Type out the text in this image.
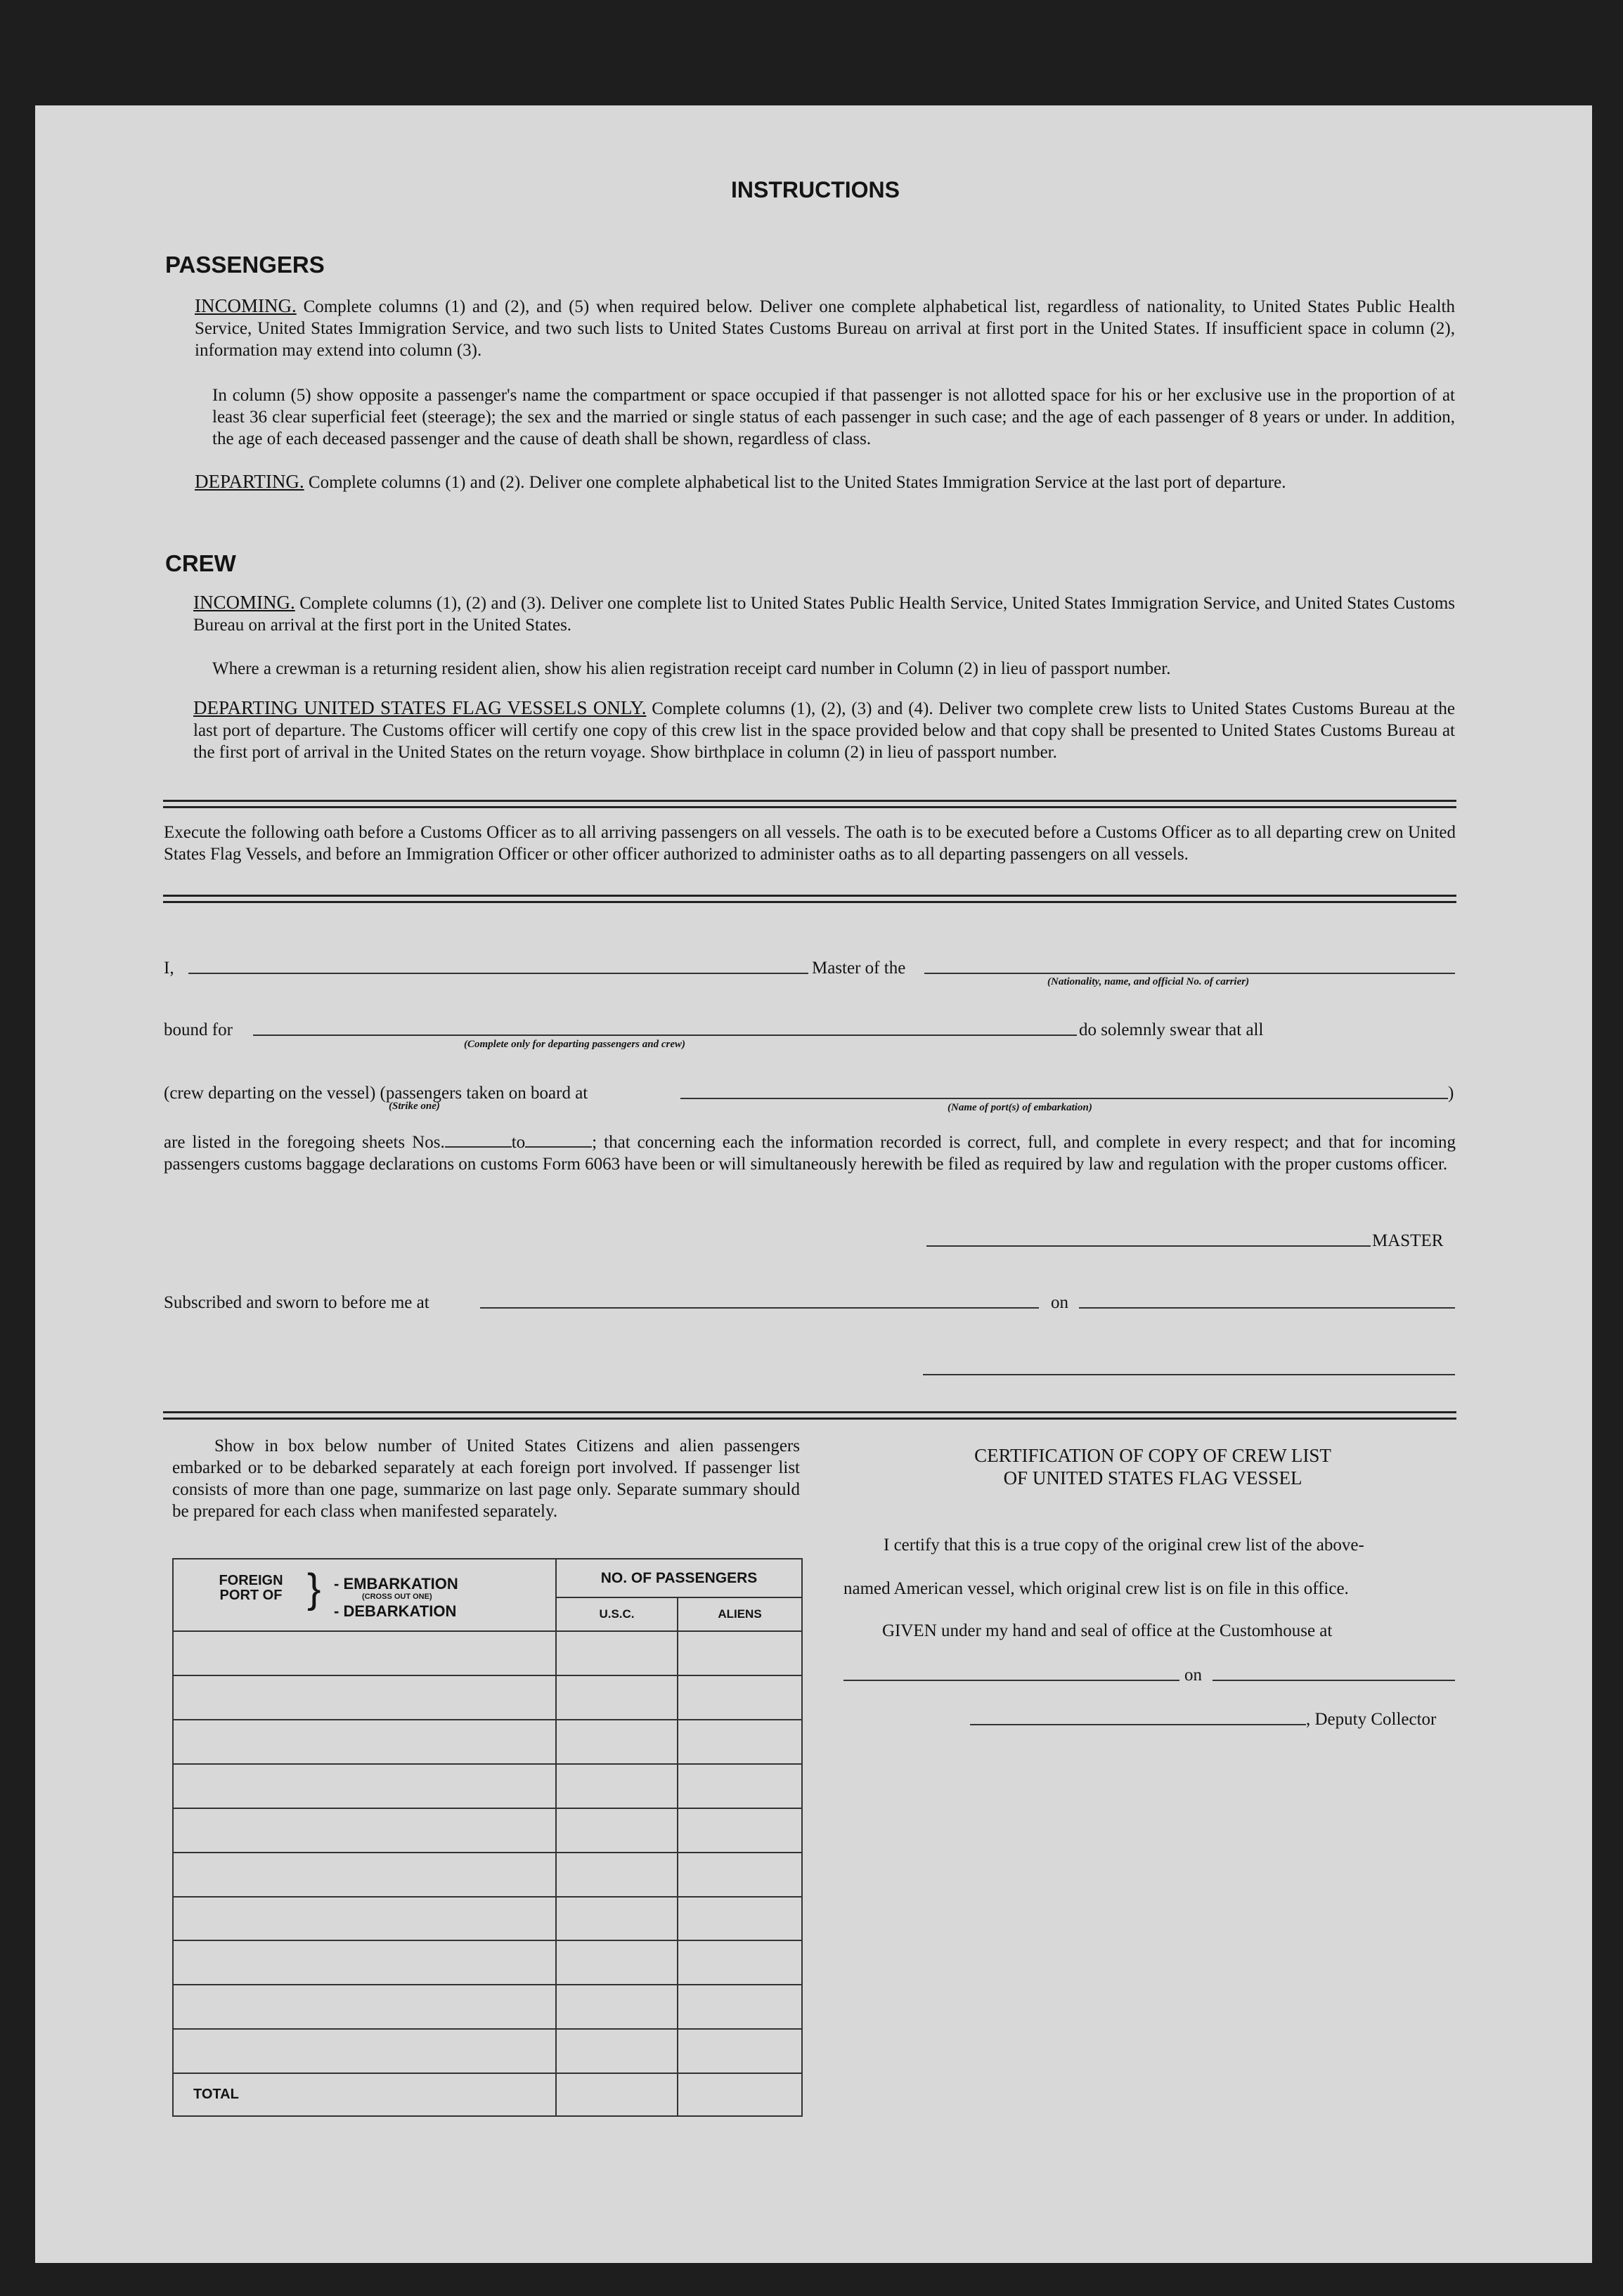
INSTRUCTIONS
PASSENGERS
INCOMING. Complete columns (1) and (2), and (5) when required below. Deliver one complete alphabetical list, regardless of nationality, to United States Public Health Service, United States Immigration Service, and two such lists to United States Customs Bureau on arrival at first port in the United States. If insufficient space in column (2), information may extend into column (3).
In column (5) show opposite a passenger's name the compartment or space occupied if that passenger is not allotted space for his or her exclusive use in the proportion of at least 36 clear superficial feet (steerage); the sex and the married or single status of each passenger in such case; and the age of each passenger of 8 years or under. In addition, the age of each deceased passenger and the cause of death shall be shown, regardless of class.
DEPARTING. Complete columns (1) and (2). Deliver one complete alphabetical list to the United States Immigration Service at the last port of departure.
CREW
INCOMING. Complete columns (1), (2) and (3). Deliver one complete list to United States Public Health Service, United States Immigration Service, and United States Customs Bureau on arrival at the first port in the United States.
Where a crewman is a returning resident alien, show his alien registration receipt card number in Column (2) in lieu of passport number.
DEPARTING UNITED STATES FLAG VESSELS ONLY. Complete columns (1), (2), (3) and (4). Deliver two complete crew lists to United States Customs Bureau at the last port of departure. The Customs officer will certify one copy of this crew list in the space provided below and that copy shall be presented to United States Customs Bureau at the first port of arrival in the United States on the return voyage. Show birthplace in column (2) in lieu of passport number.
Execute the following oath before a Customs Officer as to all arriving passengers on all vessels. The oath is to be executed before a Customs Officer as to all departing crew on United States Flag Vessels, and before an Immigration Officer or other officer authorized to administer oaths as to all departing passengers on all vessels.
I,	Master of the
(Nationality, name, and official No. of carrier)
bound for
(Complete only for departing passengers and crew)
do solemnly swear that all
(crew departing on the vessel) (passengers taken on board at
(Strike one)
)
(Name of port(s) of embarkation)
are listed in the foregoing sheets Nos.	to	; that concerning each the information recorded is correct, full, and complete in every respect; and that for incoming passengers customs baggage declarations on customs Form 6063 have been or will simultaneously herewith be filed as required by law and regulation with the proper customs officer.
MASTER
Subscribed and sworn to before me at	on
Show in box below number of United States Citizens and alien passengers embarked or to be debarked separately at each foreign port involved. If passenger list consists of more than one page, summarize on last page only. Separate summary should be prepared for each class when manifested separately.
FOREIGN PORT OF } - EMBARKATION
(CROSS OUT ONE)
- DEBARKATION	NO. OF PASSENGERS	
	U.S.C.	ALIENS

TOTAL		
CERTIFICATION OF COPY OF CREW LIST
OF UNITED STATES FLAG VESSEL
I certify that this is a true copy of the original crew list of the above-
named American vessel, which original crew list is on file in this office.
GIVEN under my hand and seal of office at the Customhouse at
on
, Deputy Collector
